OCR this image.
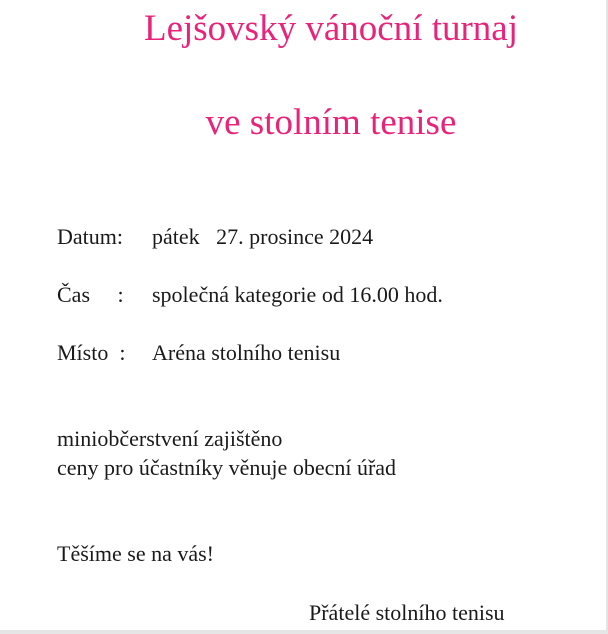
Lejšovský vánoční turnaj
ve stolním tenise
Datum: pátek   27. prosince 2024
Čas     : společná kategorie od 16.00 hod.
Místo  : Aréna stolního tenisu
miniobčerstvení zajištěno
ceny pro účastníky věnuje obecní úřad
Těšíme se na vás!
Přátelé stolního tenisu
